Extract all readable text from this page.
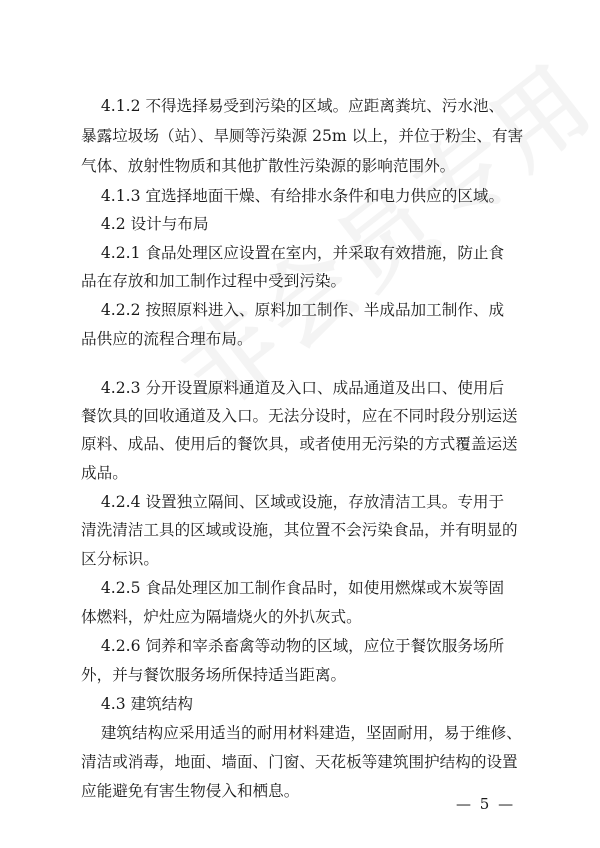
4.1.2 不得选择易受到污染的区域。应距离粪坑、污水池、
暴露垃圾场（站）、旱厕等污染源 25m 以上，并位于粉尘、有害
气体、放射性物质和其他扩散性污染源的影响范围外。
4.1.3 宜选择地面干燥、有给排水条件和电力供应的区域。
4.2 设计与布局
4.2.1 食品处理区应设置在室内，并采取有效措施，防止食
品在存放和加工制作过程中受到污染。
4.2.2 按照原料进入、原料加工制作、半成品加工制作、成
品供应的流程合理布局。
4.2.3 分开设置原料通道及入口、成品通道及出口、使用后
餐饮具的回收通道及入口。无法分设时，应在不同时段分别运送
原料、成品、使用后的餐饮具，或者使用无污染的方式覆盖运送
成品。
4.2.4 设置独立隔间、区域或设施，存放清洁工具。专用于
清洗清洁工具的区域或设施，其位置不会污染食品，并有明显的
区分标识。
4.2.5 食品处理区加工制作食品时，如使用燃煤或木炭等固
体燃料，炉灶应为隔墙烧火的外扒灰式。
4.2.6 饲养和宰杀畜禽等动物的区域，应位于餐饮服务场所
外，并与餐饮服务场所保持适当距离。
4.3 建筑结构
建筑结构应采用适当的耐用材料建造，坚固耐用，易于维修、
清洁或消毒，地面、墙面、门窗、天花板等建筑围护结构的设置
应能避免有害生物侵入和栖息。
— 5 —
